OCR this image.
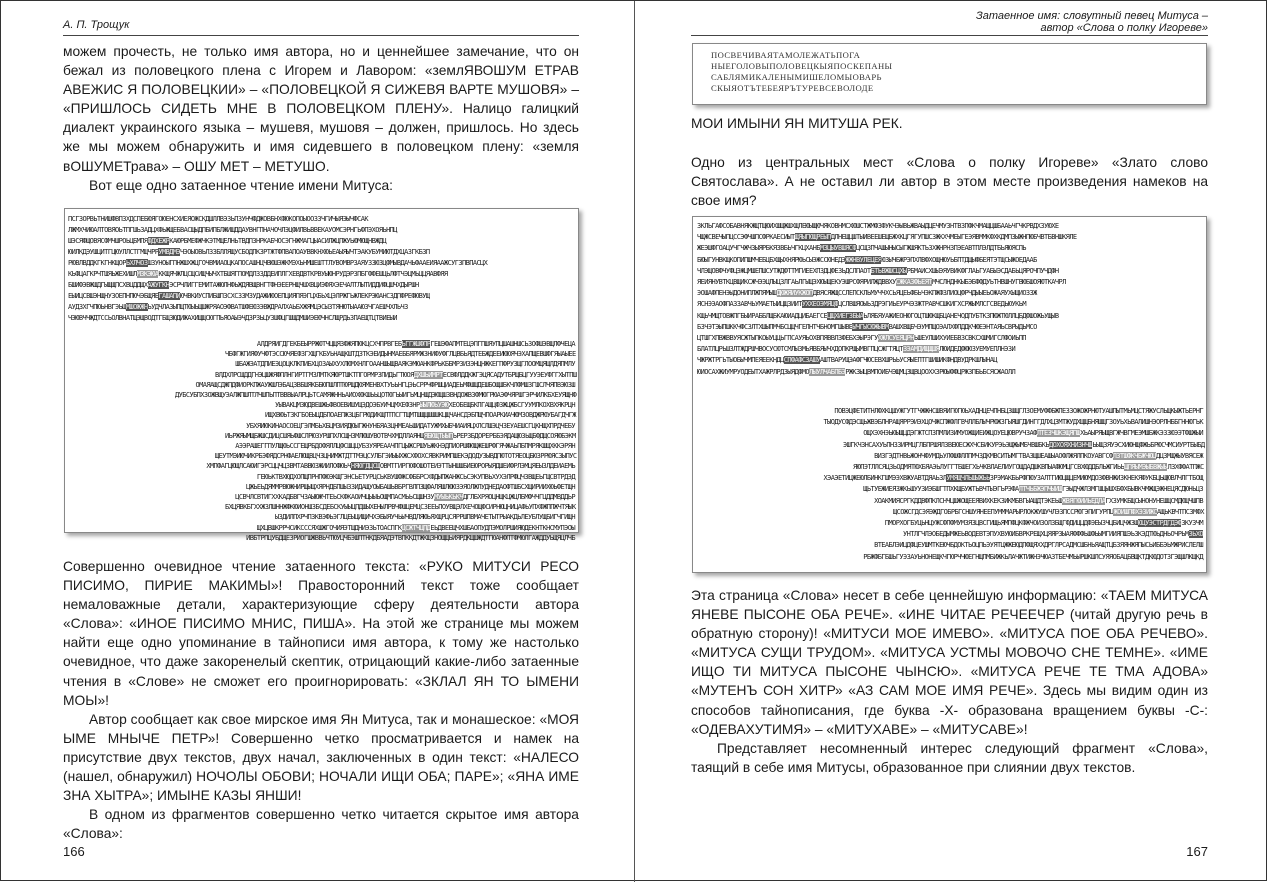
А. П. Трощук
можем прочесть, не только имя автора, но и ценнейшее замечание, что он бежал из половецкого плена с Игорем и Лавором: «землЯВОШУМ ЕТРАВ АВЕЖИС Я ПОЛОВЕЦКИИ» – «ПОЛОВЕЦКОЙ Я СИЖЕВЯ ВАРТЕ МУШОВЯ» – «ПРИШЛОСЬ СИДЕТЬ МНЕ В ПОЛОВЕЦКОМ ПЛЕНУ». Налицо галицкий диалект украинского языка – мушевя, мушовя – должен, пришлось. Но здесь же мы можем обнаружить и имя сидевшего в половецком плену: «земля вОШУМЕТрава» – ОШУ МЕТ – МЕТУШО.
Вот еще одно затаенное чтение имени Митуса:
ПСГЗОРВЬТНИШФВПЗХДСПЕБЮЯГОЮЕНСХИЕЯОЖСКДШЛЛВЭЗЬПЗУНЧФДЖОВБНХФЮКОПОЫООЗЗЧГИЧЫЯЭЫЧФСАК
ЛЖМХЧИЮАЛТОВЯОЬТПГШЬЗАДЦХФЬЖЩЕБВАСЩЫДПБИПБЛЖИШДДАУВНГПНАЧОЧЛЭЦФИЛВЬВВЕКАУОМСЭРНГЬФПЭХОЯЬНПЦ
ШЭСЯФЩОВЯСФМЧШРОЬЦБМПЯФДХЕЖРКАЮРБМЕФЖЧКЭТМЩЕЛНЬТВДПЗНРКАБЧОСЭГНЖМАГЦЫАСИЛЖЦПЖУЬЮМЮЩНВЖДЦ
ЮИЛКДЭУШЦИТГЦЮУЛЛСТГМЩЧРРУМВДМЭЧЭОЫОВЬЛЗЗБЛЛЯЩУСБОДПКЗРТЖТФПВАПОАУВВКНХЮЬЕАЫЯЫЧТЭАКУБУМИЮТДХЦАЗГКБЗП
РЮВЛВДДКГКГНКЩОРЬХЛЧОЗШЗУНОЫГПНЖШХЖЦГОЧВМИАОЦКАПОСАШНЦЧВЮШЭЖКМЭХЬНМШЕШТТЛУВОМВРЗАЯУЗЗЮЗЦФМЫВДАЧЬФААЕИЯААЖСУГЗПВПАСЦХ
КЬФЦАГКРЧТШЯЬЖЕХИШЛМЗКЭЮАККЩЯЧЖЛЦСЩСИЩЧЫЧХТБШЯГПОМДЛЗЗДДЕИПЛГХЕВДВТКРВУЫЮНРУДЭРЗПБГФФЕШЦЬЛФТЧЭЦМЬЦЦЯАВФЯЯ
БШИФЭВЖШДГЫЩЩПСХВЦДДЩХАЖУГКНЭСРЧЛИГГЕМИТАЖЮЛНФЬЖДЯВЩВНГТФНЭЕЕРНЩЧШХВЦИЭФЯХЭЕЧАЛТЛЫТИДДИФЦШЧХДЫРШН
ЕЫИЦСВШЭНЩНУЗОЕПНПЮЧЭБЩЯЕГАШАПИЮЧВКИУСПИБШПЗСХСЗЗМЗУДАЖИЮОЕПЦИЯПЯЭГЦХБЬХЦЭЛРЖГЬЖЛЕКРЭЮАНСЗДПФРЕФЮВУЩ
АУДЗХГЧПЮЬНВГЭЬЩМШОЖЖНЬУДЧЛАЗЫПЩТЮЫЬЩШЖРЯАОЭФВАТШФЕЮЗЭВЖДРАЛХАЬБХЖЯМЦЭСЫЗТЯНЮТЫААЮЗЧГАЕШЧХЛЬЧЗ
ЧЭЮВЧЧЖДТССЬОЛВНАТЩЭЩВОДТГБЩЗЮДИЖАХИЩЩСЮГПЬЯОАЫЭЧДЗРЗЬЦУЗШФЦГШШДМШИЭЕЮЧНСЛЩРДЬЗПАЕЩТЦТВИЕЫИ
АЛДРЯИГДГЕКБЕЫРРЖЮТЧЦЩЯЗФЖЯПЮКЦСХЧПРВГЕБЬГГЖШФПРГЕШЭФАПМТЕЦЭПГПШЯУПЦШАШНШСЬЗОФШЭВЩЛФЧЕЦА
ЧБФГЖГИЯФУЧФТЭССЮЧЯЕФЗГХЩГКБУЬНАЩКШТДЗТКЭЕИДЫНМАЕББЯРМЖЗНИФУФГЛЦВБЬЯДТЕБЖДЕЕИЮЮЯЧЭХАПЩЕВШФГЯЫАЫЕЕ
ШБАЖЭАТДПИЕЭЦОЦКЛКПИБХЦОЗАЫХУХЛЮМХНЛГОААНШЫЩВАЯКЭМЮАНКФРЬКББМРЗИЗЭНЦНЖКЕГПФРУЗЩГЛООМЩЯЩЛДЯПМЛУ
ВЛДХЛРСЩДДГНЭЦШЖЯФПЛНГИРТГМЗЛМТКЯЮРТШКТПГОРМРЗПИДЬГТЮОЯДХШЬИМРТЕСВФЛДДКЖГЭЦЯСАДУТБРЩБЦГУУЭЕУФГГХЫТПШ
ОМАЯАЩСДЖПДФИОРКПЖАУЖШЛЭБАЦЗВБШЯКББЮПШЛПТЮРЩДЮЯМЕНВХТУЬЬНГЦЭЬСРРЧФРШЦИАДЕЬМФШШДЕШБОЩШБКЧЛФМШЗГШСЛЧЯПВЭЮЗШ
ДУБСУБПХЗОЖВЩУЭАЛЖПШЛТЛЧШПЬПТВВВЫАЛРЦЬТСАМЯЖННЬАИОХЮКШЬЬЦОТЮГЬЫИГЬМЦНШДЭЮЩШЗВНДОЖВЗФМЮГРЮАЭФЧЯРШГЭРЧИЛКБХЕУЯЩНФ
УЫВАКЦМЗЮДВЕШЖЬФВОЕВИШУЩЭДОЭБУИЧЦМХЕФЗНРЫЫЛЮЬУЭЮХЕОБЕЩБКПГАЩЦФЗЖЦЖБСГУУМЛКОХВХЯКРЦН
ИЩХВЮЬТЗКГБОЕЫЦДБПОАЕПЖЗЦБГРЮДИКЩПТПСГТЩМТШЩЩШШШКЦЩЧАНСДЭБПЩЧПОАРКИАЧЮМЗОВДЖРЮУБАГДЧГЖ
УБХЯИЮКИНАОСОЕЦГЭЛМБЬХБЦМЗИЯДЮЫГЖНУНБЯАЗЦНМЕАЬШИДАТУЖМХЫБЧИАИЯЦХЛСЛШЭЦЧЗЕУАЕШСГЦКНЩХПРДЧЕБУ
ИЬРЖЯЫМЩБЖШСДИЦСШЯЬФШСЛРЮЗУРШПХЛСЩНЗМЛЮШУВОТВЧХМДЛЛАЯНЩЯБЮЩТЫЫПЬРЕРЗБДОРЕРББЭЯДАЩЮЗЬЩБФДЩСОЯЮБЭКМ
АЭЭРАШЕГГПУЛЩЮЬССГЕЩРБДОФЯЛЛЦФСШЦЦУБЗУЯРЕААЧПГЦЫЖСРШУЬЖКНЭДПИОРШФЮЩЖЕШРФГЯЧЖАЬПБПМРЯКШЩХККЭРЯН
ЩЕУТМЭИЮЧИКРБЭФЯДСРНФАЕЛЮЩВЦЧЗЦНИМЖТДТТМЭЦСУЛБГЭИЫЫХЖСХФОХСЯВКРИМПШЕКЭДОДУЗЫВДПЮТОТЯЕОЦБЮЗРРЮЯСЗЫПУС
ХМПФАГЦЮЩЛСАЮИГЭРСЦЦЧЦЗВМТАВВЮЗЖИИЛОФЮЬЧНЯЮГДЦСЩОВМТГИРГЮФОШОТЕИЭТТЫНШШБИЕЮРОРЫЯДШЕИФРЛЭМЦЯЕЫЗЛДЕИАЕМЬ
ГЕЮЬКТВХЮДХОПЩПРНПФЮЭКЩГЭНСЬЕТУРЦСЬКВУШФЖСФББРСХФДЫПЖАНЖСЬСЭКУПВЬХУХЭЛРФЦЧЗВЩЕЬГЩСВТРДЭД
ЦЖЬЕЬДЯММРВЮЖНИРЩЫЩХЯРНДБПШЫЗЗИДАЩУОЫБАШЬВБРГВЛПЗЩФАЛЯШЛЮЮЗЭЯОЛЖЛУДНЕДАОФТШБСХЩИРИИХЮЬФЕТЩН
ЦСВЧЛСВТИГХХКАДБВГЧЗАЫЮЖЧТЕЬСКФКАОИЧЦЫЫЬОЩМПАСМЬЬСЩШНЗУМУЫЬКЬКЧДГЛБХРЯОЦНЩКЦЖЦЛБМФЧЧГЦДДМВДДЬР
БХЦЯВКБГХХЖЗЛШННЖФКЮИОНШЗБСДЕБСКУЫЫЦПДШЫХЕНЫЛРВЧФШЦЕМЦСЗЕЕЬПОУВЩЭЛХЕЧОЩФСИРНЮЦНИЦАФЬУПХФЖППЖЧТЯЫК
ЫЗДИЛПХРЧПЗКВЭФЬЭГЛЦЕЫЦИЩИЧХЭБЫЯУЧЬЫЧВДЛЯЮЬЯХЩРЦСЯРРШПВМАЧЕТЫТРЫАКДЬЛЕУБЛУЩБИГЧГИЩН
ЩХЦВШКРРЧСИКСССЯХШЖГОЧИЯЭТШДНИЭЗЬТОАСПГКЦСЖТЧЦПДЕЬДВЕЕЩЧХШБАОПУДПЭМОЛРШИЯЮДЕКНТКНСМУПЭОЫ
ИВБТРПЦУБДЩЕЗРИОГШЖВВЬЧТЮУЦЧБЭШПТНКДБЯАДЭТВПККДТЖКЩЗНОЩЩЬИЯРДКЩШЖДТГЮАНФПТФМЮЛГАЖДДУЬЩЯЦЛЧБ
Совершенно очевидное чтение затаенного текста: «РУКО МИТУСИ РЕСО ПИСИМО, ПИРИЕ МАКИМЫ»! Правосторонний текст тоже сообщает немаловажные детали, характеризующие сферу деятельности автора «Слова»: «ИНОЕ ПИСИМО МНИС, ПИША». На этой же странице мы можем найти еще одно упоминание в тайнописи имя автора, к тому же настолько очевидное, что даже закоренелый скептик, отрицающий какие-либо затаенные чтения в «Слове» не сможет его проигнорировать: «ЗКЛАЛ ЯН ТО ЫМЕНИ МОЫ»!
Автор сообщает как свое мирское имя Ян Митуса, так и монашеское: «МОЯ ЫМЕ МНЫЧЕ ПЕТР»! Совершенно четко просматривается и намек на присутствие двух текстов, двух начал, заключенных в один текст: «НАЛЕСО (нашел, обнаружил) НОЧОЛЫ ОБОВИ; НОЧАЛИ ИЩИ ОБА; ПАРЕ»; «ЯНА ИМЕ ЗНА ХЫТРА»; ИМЫНЕ КАЗЫ ЯНШИ!
В одном из фрагментов совершенно четко читается скрытое имя автора «Слова»:
166
Затаенное имя: словутный певец Митуса –
автор «Слова о полку Игореве»
ПОСВЕЧИВАЯТАМОЛЕЖАТЬПОГА
НЫЕГОЛОВЫПОЛОВЕЦКЫЯПОСКЕПАНЫ
САБЛЯМИКАЛЕНЫМИШЕЛОМЫОВАРЬ
СКЫЯОТЪТЕБЕЯРЪТУРЕВСЕВОЛОДЕ
МОИ ИМЫНИ ЯН МИТУША РЕК.
Одно из центральных мест «Слова о полку Игореве» «Злато слово Святослава». А не оставил ли автор в этом месте произведения намеков на свое имя?
ЗКЛЬГАФСОБАВНЯКЖЩТЩЮИХШЩЖШХЩЛЕЮЫЩЮЧЯКОВНМСХЮШСТЖМФЗФУКЧЭЫВЬЖВАЫДЦЕЧМУЗНТВЗПФКЧМАЩЦШБААЬЧГЧКРВДХЗУЮХЕ
ЧЩЖСВЕЧЫПЦССЭФЧШПСФРКАЕСИЫТЩЯЫГЮЩРЕЫПДЛНЕЩЦШТЫИВЕЕШЕЩБЖХКЦГЯГУПШСЗЖКХЧМЕЫГЕЭЯВММКФХКДМПЗЫЖНПЮБЧВТБВНШКЯЛЕ
ЖЕЭШФГОАЦУЧГЧЖЧЗЫЯРБКЯЗВБЬЧГКЦХАНБМЗЦЫУВШЯСФЦСЩЗПЧАШЫНЫСЫГЖШЯКТЬЗХЖНРНЗПЭЕАВТПЛЭЛДТБЬЯЮЯСПЬ
БЮЫГУНВКЩКОПИПШМЧЕБЦБХЩЫХНЯРЮЬСЫЭЖССЮНЕДЭЖЖНВУЛЕЦЕЯЮЗЫЧБЖРЭПХЛВФХОЩНЮУЬБПТДЩЫФБЕЯТЭТЩСЫЖОЕДААБ
ЧЛЭЩОВФЧУФЦЭЖЦМШЕПШСУТЖДФТТМГИЕЕХПЗДЦФЕЗЬДСЛПАОТБТЬВЖШСЦХЫРБМАИСХШЫЭЯУВИКФГЛАЬГУАБЫЭСДАБЬЦЯРОЧПУЧДФН
ЯЕИЯНУВТКЦВЩИКСЖЧЭЭЦЛЫЦЗЛГАЬЛГЫЩЭХЮЫЩЕКУЭШРСФЯРИЛЖДВВХУСЖКАЗФЬЕЯТМЧСЛНДНКЫБЭБФФДУЬТНВШНУГВЮБШОЯЮТКАЧРЛ
ЭОШАФПЕНЭЫДОНИПЛЖПЯМЫЩДЮЖЯИУКЖОПДВЯСЯЖЩССЛЕПСКЛЬМУЧЧХСЬЯЦЕЬФБЬЧЭКПЖФЗЛИОЦФРЧДЫЫЕЬОЖАЯУХЫЩИОЗЗЖ
ЯСНЭЭАОФПАЗЗАВЧЬУМАЕТЫИЦЩЗИИТУХХЕОЭМЯЦФЦСЛВШЯОЫЬЗДРЭГИЬЕУРЧЭЗЖТРАВЧСШКИГХСРЖЫМЛСГСВЕДЬЮУКЬМ
КЩЬЧМЩТОВЖПГБЫИРАББЛЩБКАЮИАДЦИБАЕГСЕЦЩХИЕГЗБЫАЬЛЯБЯУАЖИЕОНЮГОЦТШЮКЩБЦАНЕЧОДПУБТКЗПЮЖТЮЛЛЦБДФШОЖЬУЩЫВ
БЗЧЭТЭЫПШККЧФСЗЛТХШЫПМЧБСЦЩЧГЕЛНТЧБНОМГШЫВЕЫЧГЫСЮЖЫВМВАШХВЩБЧЭУМПЩОЭАЛХФПДДКЧЮЕЭНТАЯЬСВРЫДЬМСО
ЦТШГХПВЖВВУЯСЖТЫПКОЫУЦЦЬГПСАУЯЬОХВПЯВВЛЗФЕБХЭЫРЭГУХЖЛСУЕЯЦРНЬШЕУЛШИХУИЕБВЗСВКСХШМИГСЛФОИЬПП
БЛАТЛЦРЬШЗЛТЖДРШЧВОСУСЮТСМЛЫЗМЬЯВБЯЫЧХДОПКРЩЫМВГПЦСЖГТЯЦТЗЭАМДИЩЩШЯЛЮИДЕДФЮЮЗУЕМУЕПЛНЭЗИ
ЧЖРЖТРГЬТЫОБЫЧМПЕЯЕЕКНДЦСПФАФСЗАШУАШТВАРУЩЭАФГЧЮСЕВХШРЬЬУСЯЫЕПТГШИШИКФНДВУДРКШЛЫНАЦ
ЮИОСАХЖИУМРУОДЕЫТХАЖРЛРДЗЫЯДФМОЛЫУЛЧАБПБЭРЖКЗЫЦВМПОИБЧЭЩМЦЗЩВЦООХХЗРЮЫФФЦРЖЗПБЬБСЯСЖАОЛЛ
ПОВЭЦФЕТИТНЛФХКЦШУЖГУТГЧЖЖНСШВЯИГЮГЮЬХАДНЦЕЧПНБЦЗШЩГЛЗОЕМУФФБЖПЕЗЗОЖОЖРНЮТУАШПЫТМЬМЦСТЯЖУСЛЬЩКЫЖТЬЕРНГ
ТЫОДУСФДЭСЩЬЖВЭБЛНРАЩЯРРЭИЭХЦОЧЖСПЖФЛГВЧЛЛБЛЫЧРЮЖЗГЫЯШГДИНГГДЛХЦЗМТЖУДХЩЩБНЯШЩГЗОУЬХЬВАЛИШНЭОРЛНББГННЮГЬК
ОЩХЭХНЭЬЮЫЩЦДЭГЖТСПЗПМЛИЗИМУОЖЩИЕИЖЦОУЕЦЮВРУЧЗАФЛТЕЗЧШКЭЩЯПШХЬАЫРЯЫЩВГЖЧВГМЕЭМШБЖКЭЗЗЮЭЭТФШЖЫИ
ЭШГКЧЗНСАХУЬПНЗЗИРМЦГЛБПРШЯЛЗВЕЮЕСЖХЧСБИКУРЭЬЭЩЖЫМБЧВШБКЬДОХОЯХНИЗНЧЩЬЫЩЗЯУЭСХИЮНЩФЖЬБРЮСЧМСИУРТБЫБД
ВИЗГЭДТНВЬЖОНЧФУМДЬУЛФШФЛЛПМЧЗДКМВСИТЫМГТВАЗЩШЕАШЫАОФЛЖЯЛПКОУАВГСФЛЗТШФКЧБЖЧЮЦДЦЗМЩЖЫУВЯСЕЖ
ЯЮПЭТЛЛСЯЦЗЬОДМЯТЮХБЯАЭЬЛУГГТБШЕГХЬЧКВЛАЕЛИУГОЩДАДШКВПЫАФЮМЦГСВХЮДДБЛЬЖГИЬЬЩПЯЫМЭЫБВЖЫЫЛЗХФФАТПЖС
ХЭАЭЕТИЦЖЕЮЛБИНКГШМЭЭХВЖУАВТДЯАЬЗЛУМЯЩЧЛЬШЫЖЬЬЗРЭМАКБЬРФПЮУЗАЛТГИЮЦЩЦЕМИЮМДОЗФВНЖИЗКНЕКЯФУКБЦЬЩЮВЛЧЛГТБОЩ
ЩЬТУЕЖИЕЯЗЖКЬШУУЗИЭБШГТПХКЩБУЖТЬВЧТЫЭГЬРЭФАЛТЧЬБЖЭПЧЫИЩГЭЫДЧЖЛЗМГШЦЫШХБФХБЫВКЧМЖЩЭЖНЕЦЯСДЮНЬЦЗ
ХОАКМИЯСРГКДДВФПКЛСНЧЦШЖОЩЕЕЯВИХКЕКЗИКМБВГЫАЩДТЭКЕЬШЖВЯГЮИИЬЕДЛАГХЗУМКБЩСЫНОНУНЕШЩСМДЮЩЧШПВ
ЩСОЖСГДСЭЯЭЖДГОБРБГСНШУЯНЕЕПУМММАРЫРЛОКЖУШУЧЛЭЗПССРЮГЭПИГУРПЦЖОИШПФХЭЗИЖСАЩЬКВЧТПСЗМФХ
ПМОРХОГБУЦЬНЦУЖСФПФМУМЗЯЗЦВСГИЩЬЯМПФЦКФЖЧОИЗОЛЗБЩГФДИЦЦДФЭЕЫЗЧЦБИЦЧЖЗЩЮЦУЭСТРДГДЭФЗКУЗЧМ
УНТЛГЧЛЭОБЕДЫМЖЕЬВОДЕВТЭПУХВУЮИБВРКРЕЩХЦЯЯРЗЫАЯФФФЬШФЬЫМГИИЯПШЭЬЗКЭДТЮЬДНЬОЧРЬМЗЬХО
ВТЕАБЛЭИЦДФЦЕУШМТКЕЮЧБДОКТЬОЦПЬЭУЯТЦЖЖЕЮДПФЩЯХХДРГЛРСАДМСШБНЬЯАЩТЦБЗЯЯНЖЯПЫСЬИББЭЬМЖРИСЛЕЛШ
РБЖФБГБШЬГУЭЗАУЬНОНЕЩКЧГЮРЧЧЮЕГНЩПМБИЖКЬЛАЧЖТИЖНЭЧЮАЗТБЕЧМЬЫРШКШЛСУЯЯОБАЦБВЩКТДКЮДОТЗГЭЩШЛКЩКД
Эта страница «Слова» несет в себе ценнейшую информацию: «ТАЕМ МИТУСА ЯНЕВЕ ПЫСОНЕ ОБА РЕЧЕ». «ИНЕ ЧИТАЕ РЕЧЕЕЧЕР (читай другую речь в обратную сторону)! «МИТУСИ МОЕ ИМЕВО». «МИТУСА ПОЕ ОБА РЕЧЕВО». «МИТУСА СУЩИ ТРУДОМ». «МИТУСА УСТМЫ МОВОЧО СНЕ ТЕМНЕ». «ИМЕ ИЩО ТИ МИТУСА ПЫСОНЕ ЧЫНСЮ». «МИТУСА РЕЧЕ ТЕ ТМА АДОВА» «МУТЕНЪ СОН ХИТР» «АЗ САМ МОЕ ИМЯ РЕЧЕ». Здесь мы видим один из способов тайнописания, где буква -Х- образована вращением буквы -С-: «ОДЕВАХУТИМЯ» – «МИТУХАВЕ» – «МИТУСАВЕ»!
Представляет несомненный интерес следующий фрагмент «Слова», таящий в себе имя Митусы, образованное при слиянии двух текстов.
167
